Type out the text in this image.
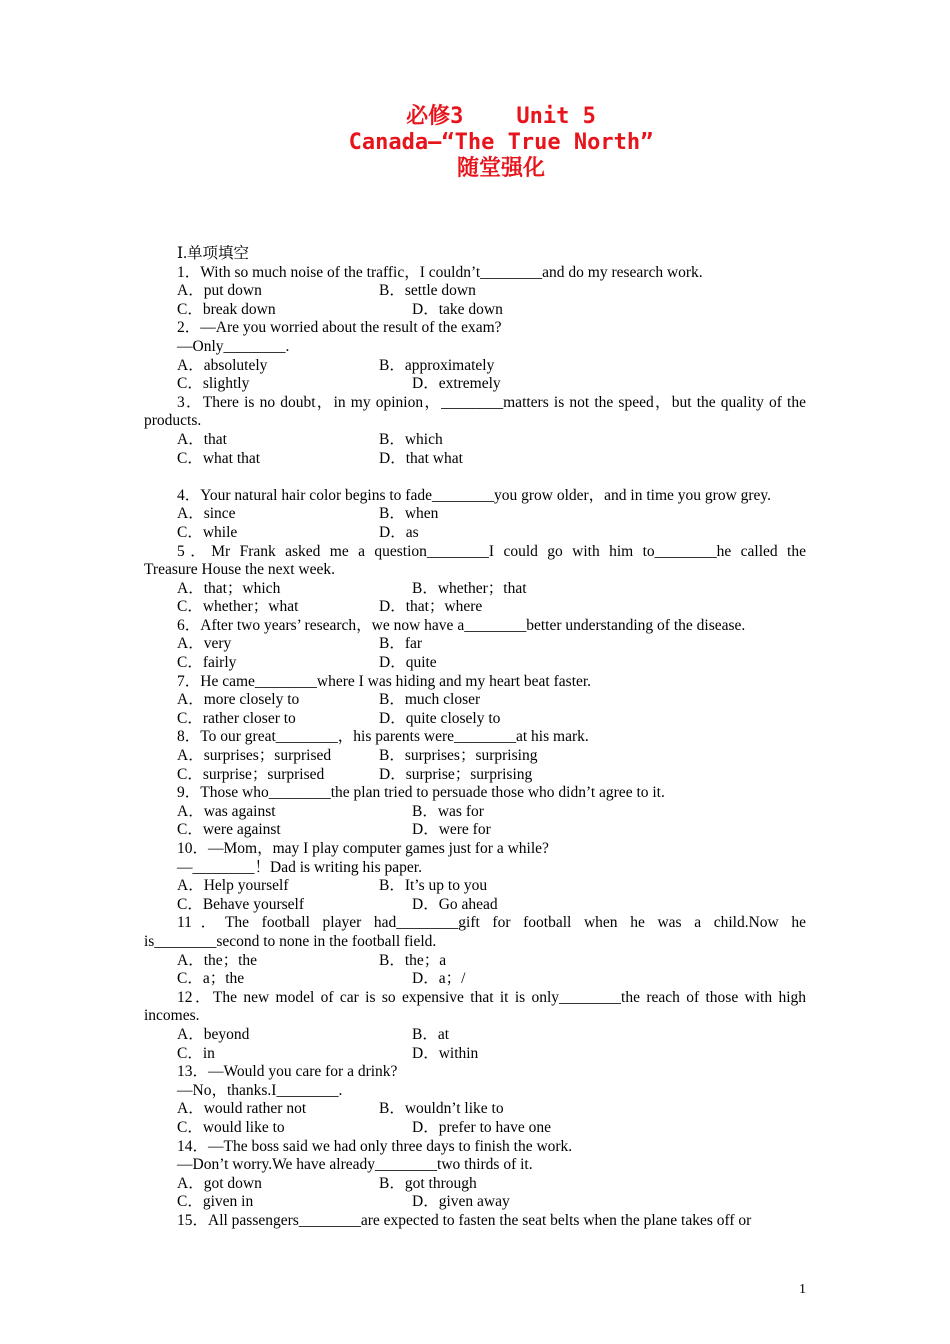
必修3    Unit 5
Canada—“The True North”
随堂强化
Ⅰ.单项填空
1．With so much noise of the traffic，I couldn’t________and do my research work.
A．put down	B．settle down
C．break down	D．take down
2．—Are you worried about the result of the exam?
—Only________.
A．absolutely	B．approximately
C．slightly	D．extremely
3．There is no doubt，in my opinion，________matters is not the speed，but the quality of the
products.
A．that	B．which
C．what that	D．that what
4．Your natural hair color begins to fade________you grow older，and in time you grow grey.
A．since	B．when
C．while	D．as
5．Mr Frank asked me a question________I could go with him to________he called the
Treasure House the next week.
A．that；which	B．whether；that
C．whether；what	D．that；where
6．After two years’ research，we now have a________better understanding of the disease.
A．very	B．far
C．fairly	D．quite
7．He came________where I was hiding and my heart beat faster.
A．more closely to	B．much closer
C．rather closer to	D．quite closely to
8．To our great________，his parents were________at his mark.
A．surprises；surprised	B．surprises；surprising
C．surprise；surprised	D．surprise；surprising
9．Those who________the plan tried to persuade those who didn’t agree to it.
A．was against	B．was for
C．were against	D．were for
10．—Mom，may I play computer games just for a while?
—________！Dad is writing his paper.
A．Help yourself	B．It’s up to you
C．Behave yourself	D．Go ahead
11．The football player had________gift for football when he was a child.Now he
is________second to none in the football field.
A．the；the	B．the；a
C．a；the	D．a；/
12．The new model of car is so expensive that it is only________the reach of those with high
incomes.
A．beyond	B．at
C．in	D．within
13．—Would you care for a drink?
—No，thanks.I________.
A．would rather not	B．wouldn’t like to
C．would like to	D．prefer to have one
14．—The boss said we had only three days to finish the work.
—Don’t worry.We have already________two thirds of it.
A．got down	B．got through
C．given in	D．given away
15．All passengers________are expected to fasten the seat belts when the plane takes off or
1
